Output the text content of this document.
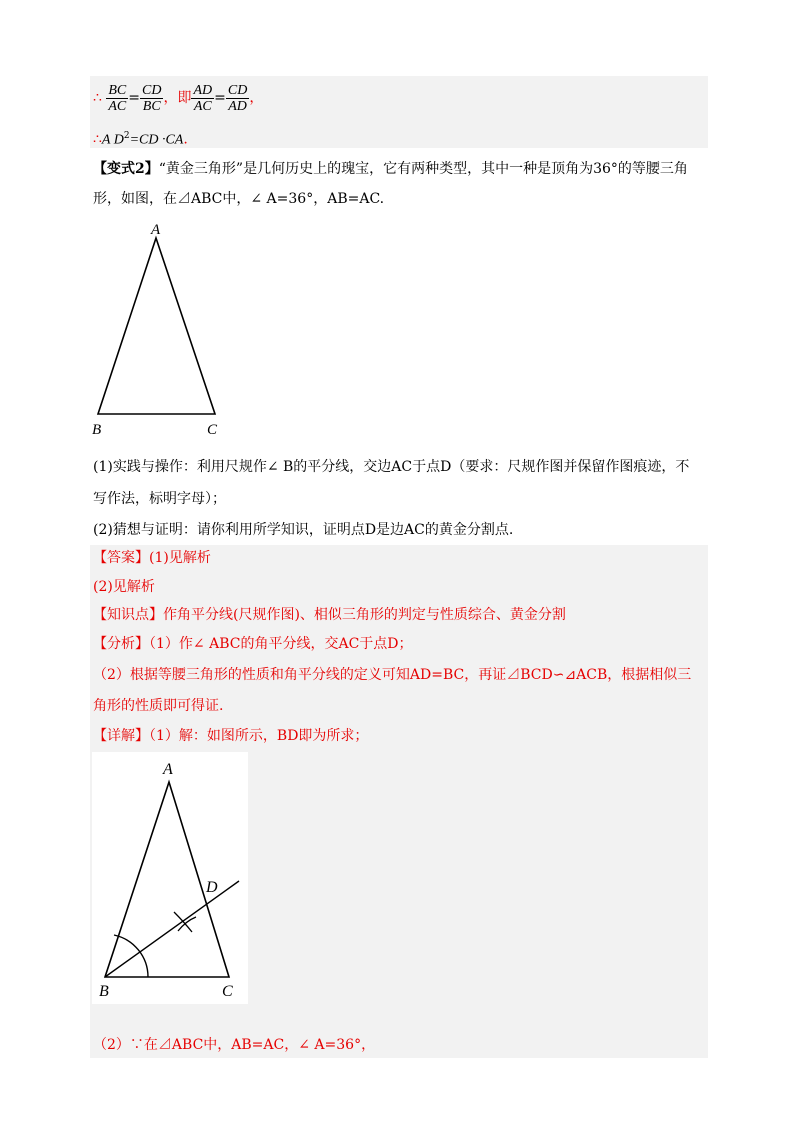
∴ $\frac{BC}{AC} = \frac{CD}{BC}$ ，即 $\frac{AD}{AC} = \frac{CD}{AD}$ ，
∴A $D^2=CD \cdot CA$.
【变式2】“黄金三角形”是几何历史上的瑰宝，它有两种类型，其中一种是顶角为36°的等腰三角
形，如图，在⊿ABC中，∠ A=36°，AB=AC.
A
B	C
(1)实践与操作：利用尺规作∠ B的平分线，交边AC于点D（要求：尺规作图并保留作图痕迹，不
写作法，标明字母）；
(2)猜想与证明：请你利用所学知识，证明点D是边AC的黄金分割点.
【答案】(1)见解析
(2)见解析
【知识点】作角平分线(尺规作图)、相似三角形的判定与性质综合、黄金分割
【分析】（1）作∠ ABC的角平分线，交AC于点D；
（2）根据等腰三角形的性质和角平分线的定义可知AD=BC，再证⊿BCD∽⊿ACB，根据相似三
角形的性质即可得证.
【详解】（1）解：如图所示，BD即为所求；
A
B	C
D
（2）∵在⊿ABC中，AB=AC，∠ A=36°，
